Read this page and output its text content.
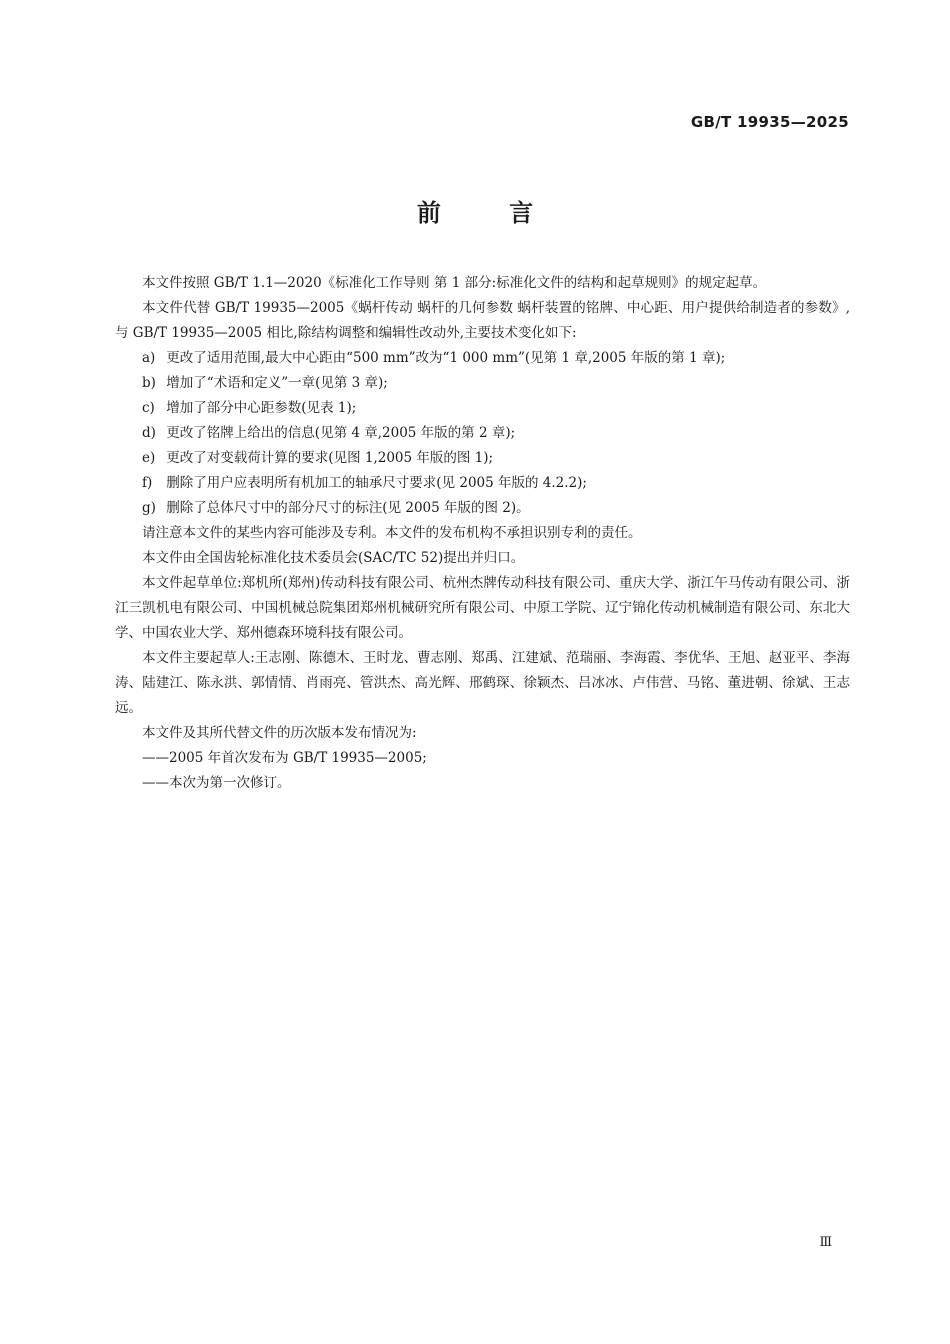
GB/T 19935—2025
前 言

本文件按照 GB/T 1.1—2020《标准化工作导则 第 1 部分:标准化文件的结构和起草规则》的规定起草。

本文件代替 GB/T 19935—2005《蜗杆传动 蜗杆的几何参数 蜗杆装置的铭牌、中心距、用户提供给制造者的参数》,与 GB/T 19935—2005 相比,除结构调整和编辑性改动外,主要技术变化如下:

a) 更改了适用范围,最大中心距由“500 mm”改为“1 000 mm”(见第 1 章,2005 年版的第 1 章);

b) 增加了“术语和定义”一章(见第 3 章);

c) 增加了部分中心距参数(见表 1);

d) 更改了铭牌上给出的信息(见第 4 章,2005 年版的第 2 章);

e) 更改了对变载荷计算的要求(见图 1,2005 年版的图 1);

f) 删除了用户应表明所有机加工的轴承尺寸要求(见 2005 年版的 4.2.2);

g) 删除了总体尺寸中的部分尺寸的标注(见 2005 年版的图 2)。

请注意本文件的某些内容可能涉及专利。本文件的发布机构不承担识别专利的责任。

本文件由全国齿轮标准化技术委员会(SAC/TC 52)提出并归口。

本文件起草单位:郑机所(郑州)传动科技有限公司、杭州杰牌传动科技有限公司、重庆大学、浙江午马传动有限公司、浙江三凯机电有限公司、中国机械总院集团郑州机械研究所有限公司、中原工学院、辽宁锦化传动机械制造有限公司、东北大学、中国农业大学、郑州德森环境科技有限公司。

本文件主要起草人:王志刚、陈德木、王时龙、曹志刚、郑禹、江建斌、范瑞丽、李海霞、李优华、王旭、赵亚平、李海涛、陆建江、陈永洪、郭情情、肖雨亮、管洪杰、高光辉、邢鹤琛、徐颖杰、吕冰冰、卢伟营、马铭、董进朝、徐斌、王志远。

本文件及其所代替文件的历次版本发布情况为:

——2005 年首次发布为 GB/T 19935—2005;

——本次为第一次修订。

Ⅲ
